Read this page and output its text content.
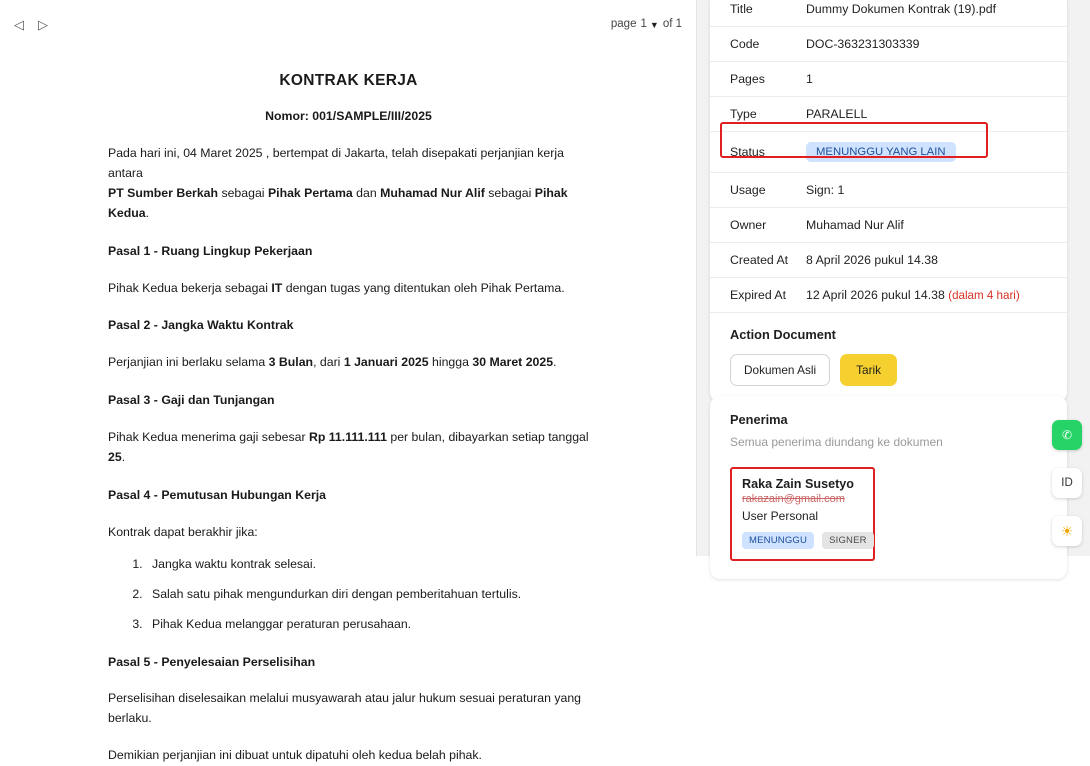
◁ ▷	page 1 ▼ of 1
KONTRAK KERJA
Nomor: 001/SAMPLE/III/2025

Pada hari ini, 04 Maret 2025 , bertempat di Jakarta, telah disepakati perjanjian kerja antara
PT Sumber Berkah sebagai Pihak Pertama dan Muhamad Nur Alif sebagai Pihak Kedua.

Pasal 1 - Ruang Lingkup Pekerjaan

Pihak Kedua bekerja sebagai IT dengan tugas yang ditentukan oleh Pihak Pertama.

Pasal 2 - Jangka Waktu Kontrak

Perjanjian ini berlaku selama 3 Bulan, dari 1 Januari 2025 hingga 30 Maret 2025.

Pasal 3 - Gaji dan Tunjangan

Pihak Kedua menerima gaji sebesar Rp 11.111.111 per bulan, dibayarkan setiap tanggal 25.

Pasal 4 - Pemutusan Hubungan Kerja

Kontrak dapat berakhir jika:

1. Jangka waktu kontrak selesai.
2. Salah satu pihak mengundurkan diri dengan pemberitahuan tertulis.
3. Pihak Kedua melanggar peraturan perusahaan.
Pasal 5 - Penyelesaian Perselisihan

Perselisihan diselesaikan melalui musyawarah atau jalur hukum sesuai peraturan yang berlaku.

Demikian perjanjian ini dibuat untuk dipatuhi oleh kedua belah pihak.

Title	Dummy Dokumen Kontrak (19).pdf
Code	DOC-363231303339
Pages	1
Type	PARALELL
Status	MENUNGGU YANG LAIN
Usage	Sign: 1
Owner	Muhamad Nur Alif
Created At	8 April 2026 pukul 14.38
Expired At	12 April 2026 pukul 14.38 (dalam 4 hari)
Action Document
Dokumen Asli	Tarik
Penerima
Semua penerima diundang ke dokumen
Raka Zain Susetyo
rakazain@gmail.com
User Personal
MENUNGGU	SIGNER
✆
ID
☀
